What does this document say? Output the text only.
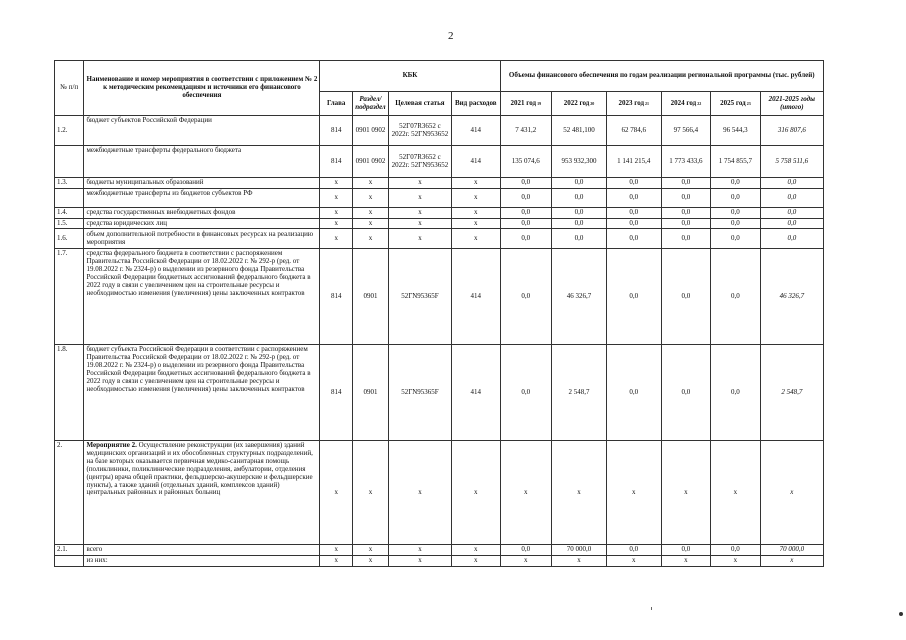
2
№ п/п	Наименование и номер мероприятия в соответствии с приложением № 2 к методическим рекомендациям и источники его финансового обеспечения	КБК				Объемы финансового обеспечения по годам реализации региональной программы (тыс. рублей)					
		Глава	Раздел/ подраздел	Целевая статья	Вид расходов	2021 год19	2022 год20	2023 год21	2024 год22	2025 год23	2021-2025 годы (итого)
1.2.	бюджет субъектов Российской Федерации	814	0901 0902	52Г07R3652 с 2022г. 52ГN953652	414	7 431,2	52 481,100	62 784,6	97 566,4	96 544,3	316 807,6
	межбюджетные трансферты федерального бюджета	814	0901 0902	52Г07R3652 с 2022г. 52ГN953652	414	135 074,6	953 932,300	1 141 215,4	1 773 433,6	1 754 855,7	5 758 511,6
1.3.	бюджеты муниципальных образований	x	x	x	x	0,0	0,0	0,0	0,0	0,0	0,0
	межбюджетные трансферты из бюджетов субъектов РФ	x	x	x	x	0,0	0,0	0,0	0,0	0,0	0,0
1.4.	средства государственных внебюджетных фондов	x	x	x	x	0,0	0,0	0,0	0,0	0,0	0,0
1.5.	средства юридических лиц	x	x	x	x	0,0	0,0	0,0	0,0	0,0	0,0
1.6.	объем дополнительной потребности в финансовых ресурсах на реализацию мероприятия	x	x	x	x	0,0	0,0	0,0	0,0	0,0	0,0
1.7.	средства федерального бюджета в соответствии с распоряжением Правительства Российской Федерации от 18.02.2022 г. № 292-р (ред. от 19.08.2022 г. № 2324-р) о выделении из резервного фонда Правительства Российской Федерации бюджетных ассигнований федерального бюджета в 2022 году в связи с увеличением цен на строительные ресурсы и необходимостью изменения (увеличения) цены заключенных контрактов	814	0901	52ГN95365F	414	0,0	46 326,7	0,0	0,0	0,0	46 326,7
1.8.	бюджет субъекта Российской Федерации в соответствии с распоряжением Правительства Российской Федерации от 18.02.2022 г. № 292-р (ред. от 19.08.2022 г. № 2324-р) о выделении из резервного фонда Правительства Российской Федерации бюджетных ассигнований федерального бюджета в 2022 году в связи с увеличением цен на строительные ресурсы и необходимостью изменения (увеличения) цены заключенных контрактов	814	0901	52ГN95365F	414	0,0	2 548,7	0,0	0,0	0,0	2 548,7
2.	Мероприятие 2. Осуществление реконструкции (их завершения) зданий медицинских организаций и их обособленных структурных подразделений, на базе которых оказывается первичная медико-санитарная помощь (поликлиники, поликлинические подразделения, амбулатории, отделения (центры) врача общей практики, фельдшерско-акушерские и фельдшерские пункты), а также зданий (отдельных зданий, комплексов зданий) центральных районных и районных больниц	x	x	x	x	x	x	x	x	x	x
2.1.	всего	x	x	x	x	0,0	70 000,0	0,0	0,0	0,0	70 000,0
	из них:	x	x	x	x	x	x	x	x	x	x
